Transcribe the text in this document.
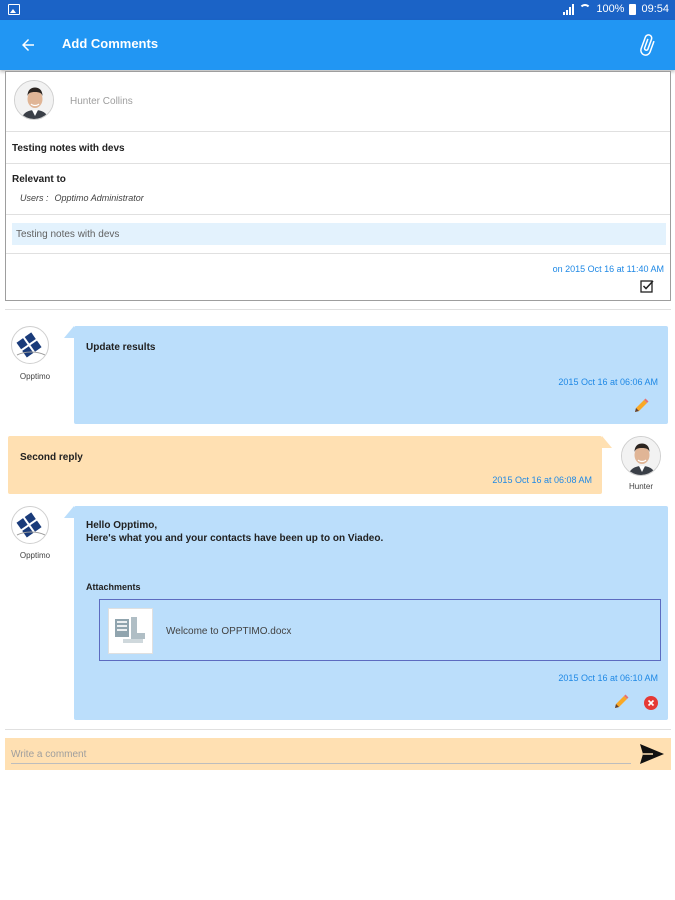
100% 09:54
Add Comments
Hunter Collins
Testing notes with devs
Relevant to
Users : Opptimo Administrator
Testing notes with devs
on 2015 Oct 16 at 11:40 AM
Opptimo
Update results
2015 Oct 16 at 06:06 AM
Second reply
2015 Oct 16 at 06:08 AM
Hunter
Opptimo
Hello Opptimo,
Here's what you and your contacts have been up to on Viadeo.
Attachments
Welcome to OPPTIMO.docx
2015 Oct 16 at 06:10 AM
Write a comment
